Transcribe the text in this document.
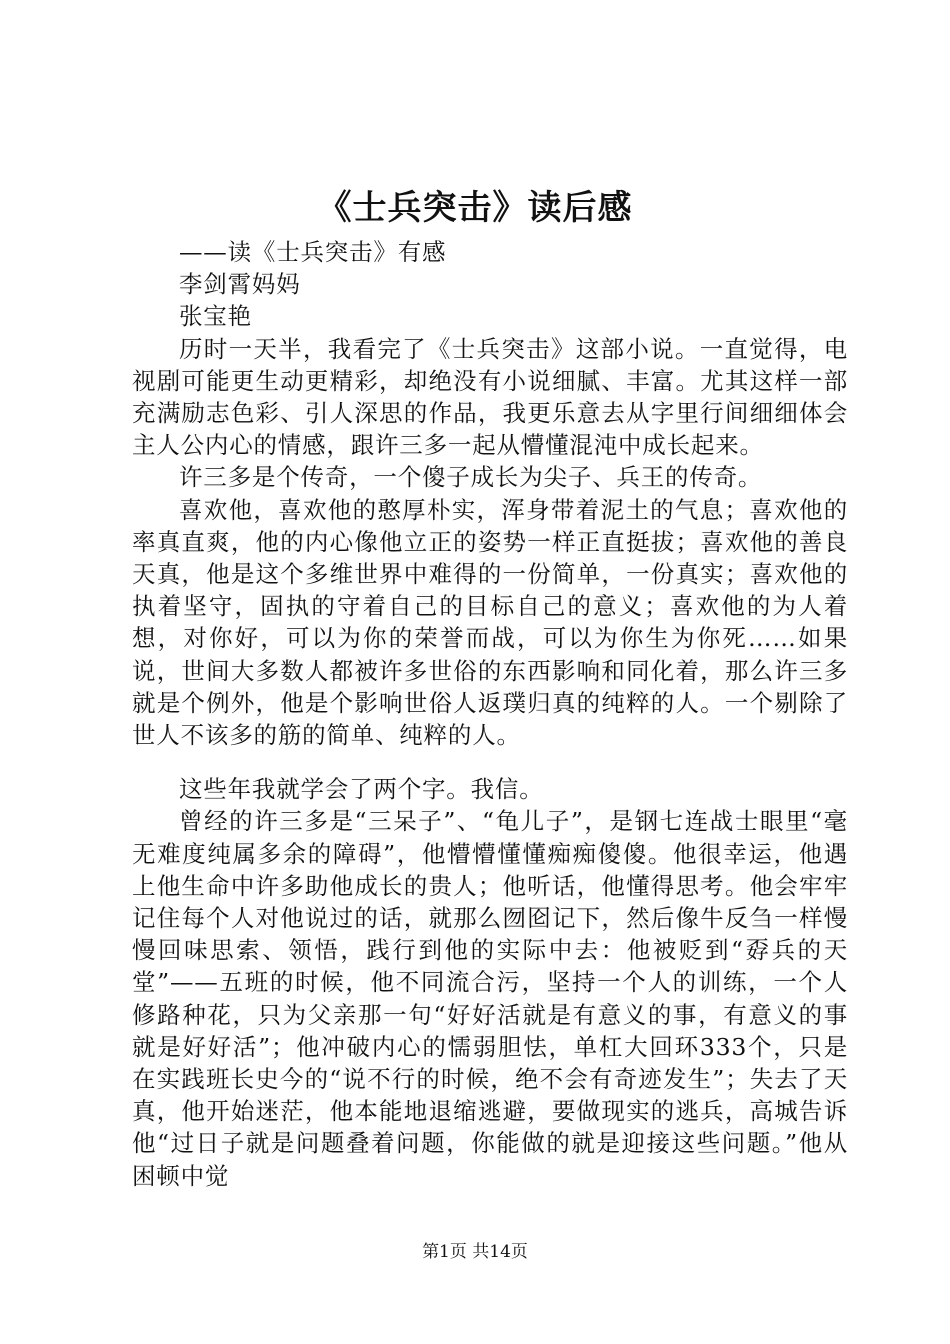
《士兵突击》读后感

——读《士兵突击》有感

李剑霄妈妈

张宝艳

历时一天半，我看完了《士兵突击》这部小说。一直觉得，电视剧可能更生动更精彩，却绝没有小说细腻、丰富。尤其这样一部充满励志色彩、引人深思的作品，我更乐意去从字里行间细细体会主人公内心的情感，跟许三多一起从懵懂混沌中成长起来。

许三多是个传奇，一个傻子成长为尖子、兵王的传奇。

喜欢他，喜欢他的憨厚朴实，浑身带着泥土的气息；喜欢他的率真直爽，他的内心像他立正的姿势一样正直挺拔；喜欢他的善良天真，他是这个多维世界中难得的一份简单，一份真实；喜欢他的执着坚守，固执的守着自己的目标自己的意义；喜欢他的为人着想，对你好，可以为你的荣誉而战，可以为你生为你死……如果说，世间大多数人都被许多世俗的东西影响和同化着，那么许三多就是个例外，他是个影响世俗人返璞归真的纯粹的人。一个剔除了世人不该多的筋的简单、纯粹的人。

这些年我就学会了两个字。我信。

曾经的许三多是“三呆子”、“龟儿子”，是钢七连战士眼里“毫无难度纯属多余的障碍”，他懵懵懂懂痴痴傻傻。他很幸运，他遇上他生命中许多助他成长的贵人；他听话，他懂得思考。他会牢牢记住每个人对他说过的话，就那么囫囵记下，然后像牛反刍一样慢慢回味思索、领悟，践行到他的实际中去：他被贬到“孬兵的天堂”——五班的时候，他不同流合污，坚持一个人的训练，一个人修路种花，只为父亲那一句“好好活就是有意义的事，有意义的事就是好好活”；他冲破内心的懦弱胆怯，单杠大回环333个，只是在实践班长史今的“说不行的时候，绝不会有奇迹发生”；失去了天真，他开始迷茫，他本能地退缩逃避，要做现实的逃兵，高城告诉他“过日子就是问题叠着问题，你能做的就是迎接这些问题。”他从困顿中觉

第1页 共14页
